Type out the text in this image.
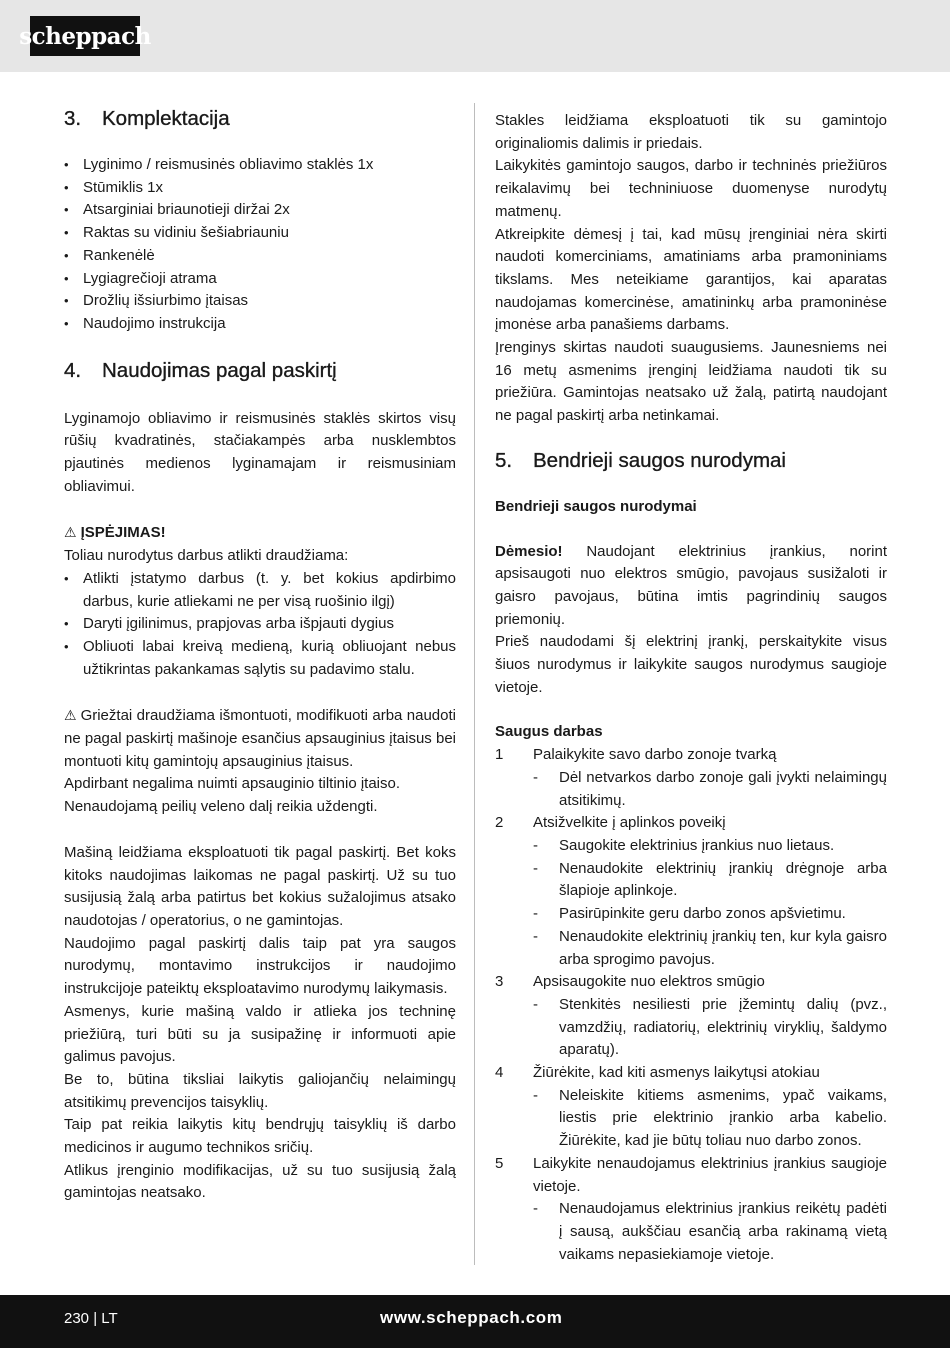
scheppach
3.	Komplektacija
• Lyginimo / reismusinės obliavimo staklės 1x
• Stūmiklis 1x
• Atsarginiai briaunotieji diržai 2x
• Raktas su vidiniu šešiabriauniu
• Rankenėlė
• Lygiagrečioji atrama
• Drožlių išsiurbimo įtaisas
• Naudojimo instrukcija
4.	Naudojimas pagal paskirtį

Lyginamojo obliavimo ir reismusinės staklės skirtos visų rūšių kvadratinės, stačiakampės arba nusklembtos pjautinės medienos lyginamajam ir reismusiniam obliavimui.

⚠ ĮSPĖJIMAS!

Toliau nurodytus darbus atlikti draudžiama:

• Atlikti įstatymo darbus (t. y. bet kokius apdirbimo darbus, kurie atliekami ne per visą ruošinio ilgį)
• Daryti įgilinimus, prapjovas arba išpjauti dygius
• Obliuoti labai kreivą medieną, kurią obliuojant nebus užtikrintas pakankamas sąlytis su padavimo stalu.

⚠ Griežtai draudžiama išmontuoti, modifikuoti arba naudoti ne pagal paskirtį mašinoje esančius apsauginius įtaisus bei montuoti kitų gamintojų apsauginius įtaisus.

Apdirbant negalima nuimti apsauginio tiltinio įtaiso.

Nenaudojamą peilių veleno dalį reikia uždengti.

Mašiną leidžiama eksploatuoti tik pagal paskirtį. Bet koks kitoks naudojimas laikomas ne pagal paskirtį. Už su tuo susijusią žalą arba patirtus bet kokius sužalojimus atsako naudotojas / operatorius, o ne gamintojas.

Naudojimo pagal paskirtį dalis taip pat yra saugos nurodymų, montavimo instrukcijos ir naudojimo instrukcijoje pateiktų eksploatavimo nurodymų laikymasis.

Asmenys, kurie mašiną valdo ir atlieka jos techninę priežiūrą, turi būti su ja susipažinę ir informuoti apie galimus pavojus.

Be to, būtina tiksliai laikytis galiojančių nelaimingų atsitikimų prevencijos taisyklių.

Taip pat reikia laikytis kitų bendrųjų taisyklių iš darbo medicinos ir augumo technikos sričių.

Atlikus įrenginio modifikacijas, už su tuo susijusią žalą gamintojas neatsako.

Stakles leidžiama eksploatuoti tik su gamintojo originaliomis dalimis ir priedais.

Laikykitės gamintojo saugos, darbo ir techninės priežiūros reikalavimų bei techniniuose duomenyse nurodytų matmenų.

Atkreipkite dėmesį į tai, kad mūsų įrenginiai nėra skirti naudoti komerciniams, amatiniams arba pramoniniams tikslams. Mes neteikiame garantijos, kai aparatas naudojamas komercinėse, amatininkų arba pramoninėse įmonėse arba panašiems darbams.

Įrenginys skirtas naudoti suaugusiems. Jaunesniems nei 16 metų asmenims įrenginį leidžiama naudoti tik su priežiūra. Gamintojas neatsako už žalą, patirtą naudojant ne pagal paskirtį arba netinkamai.

5.	Bendrieji saugos nurodymai

Bendrieji saugos nurodymai

Dėmesio! Naudojant elektrinius įrankius, norint apsisaugoti nuo elektros smūgio, pavojaus susižaloti ir gaisro pavojaus, būtina imtis pagrindinių saugos priemonių.

Prieš naudodami šį elektrinį įrankį, perskaitykite visus šiuos nurodymus ir laikykite saugos nurodymus saugioje vietoje.

Saugus darbas

1	Palaikykite savo darbo zonoje tvarką
-	Dėl netvarkos darbo zonoje gali įvykti nelaimingų atsitikimų.
2	Atsižvelkite į aplinkos poveikį
-	Saugokite elektrinius įrankius nuo lietaus.
-	Nenaudokite elektrinių įrankių drėgnoje arba šlapioje aplinkoje.
-	Pasirūpinkite geru darbo zonos apšvietimu.
-	Nenaudokite elektrinių įrankių ten, kur kyla gaisro arba sprogimo pavojus.
3	Apsisaugokite nuo elektros smūgio
-	Stenkitės nesiliesti prie įžemintų dalių (pvz., vamzdžių, radiatorių, elektrinių viryklių, šaldymo aparatų).
4	Žiūrėkite, kad kiti asmenys laikytųsi atokiau
-	Neleiskite kitiems asmenims, ypač vaikams, liestis prie elektrinio įrankio arba kabelio. Žiūrėkite, kad jie būtų toliau nuo darbo zonos.
5	Laikykite nenaudojamus elektrinius įrankius saugioje vietoje.
-	Nenaudojamus elektrinius įrankius reikėtų padėti į sausą, aukščiau esančią arba rakinamą vietą vaikams nepasiekiamoje vietoje.
230 | LT	www.scheppach.com
